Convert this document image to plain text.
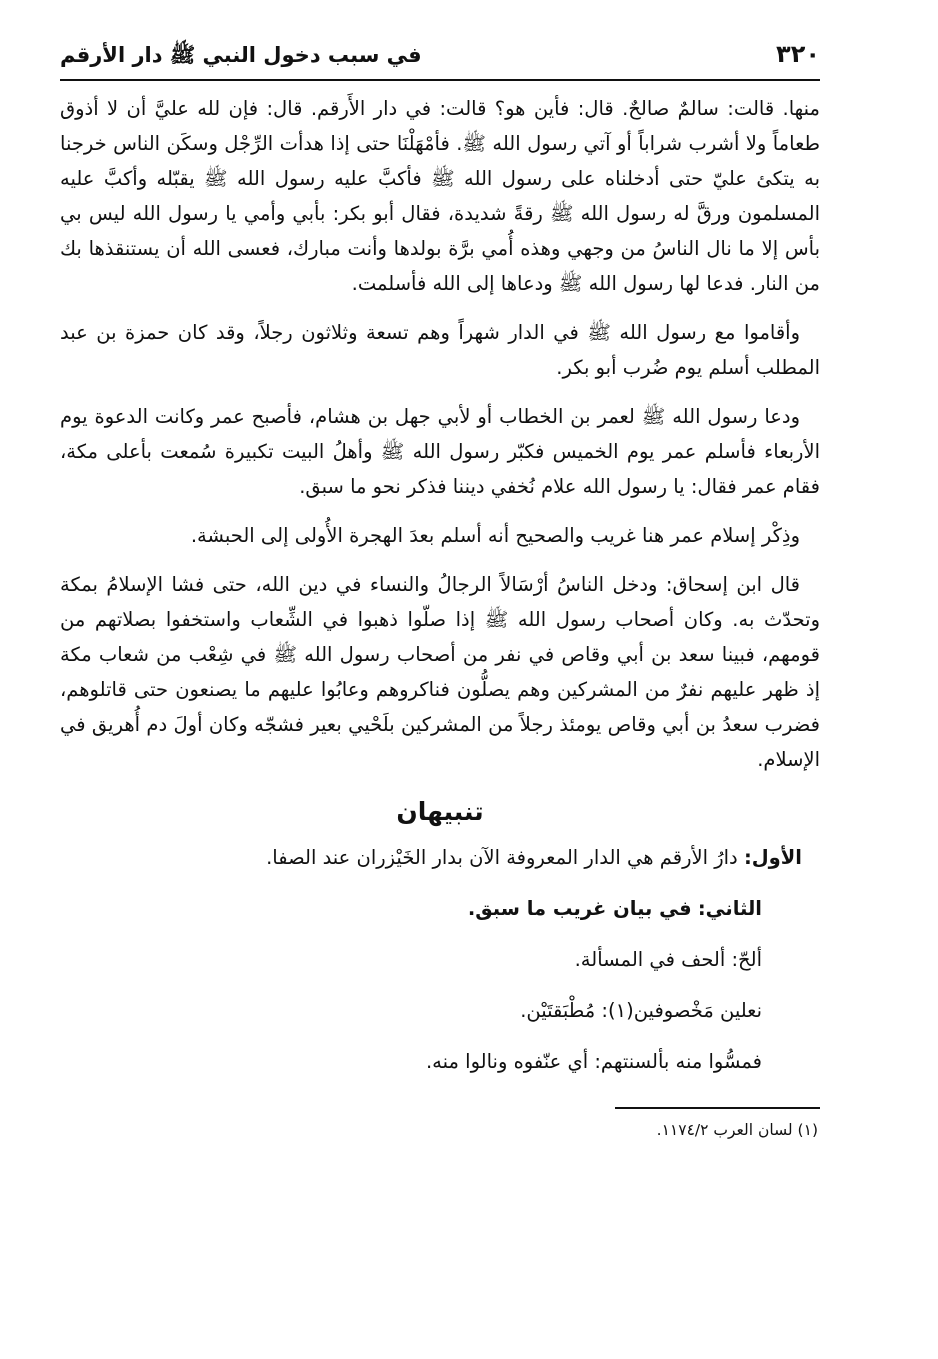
٣٢٠
في سبب دخول النبي ﷺ دار الأرقم

منها. قالت: سالمٌ صالحٌ. قال: فأين هو؟ قالت: في دار الأَرقم. قال: فإن لله عليَّ أن لا أذوق طعاماً ولا أشرب شراباً أو آتي رسول الله ﷺ. فأمْهَلْنَا حتى إذا هدأت الرِّجْل وسكَن الناس خرجنا به يتكئ عليّ حتى أدخلناه على رسول الله ﷺ فأكبَّ عليه رسول الله ﷺ يقبّله وأكبَّ عليه المسلمون ورقَّ له رسول الله ﷺ رقةً شديدة، فقال أبو بكر: بأبي وأمي يا رسول الله ليس بي بأس إلا ما نال الناسُ من وجهي وهذه أُمي برَّة بولدها وأنت مبارك، فعسى الله أن يستنقذها بك من النار. فدعا لها رسول الله ﷺ ودعاها إلى الله فأسلمت.

وأقاموا مع رسول الله ﷺ في الدار شهراً وهم تسعة وثلاثون رجلاً، وقد كان حمزة بن عبد المطلب أسلم يوم ضُرب أبو بكر.

ودعا رسول الله ﷺ لعمر بن الخطاب أو لأبي جهل بن هشام، فأصبح عمر وكانت الدعوة يوم الأربعاء فأسلم عمر يوم الخميس فكبّر رسول الله ﷺ وأهلُ البيت تكبيرة سُمعت بأعلى مكة، فقام عمر فقال: يا رسول الله علام نُخفي ديننا فذكر نحو ما سبق.

وذِكْر إسلام عمر هنا غريب والصحيح أنه أسلم بعدَ الهجرة الأُولى إلى الحبشة.

قال ابن إسحاق: ودخل الناسُ أرْسَالاً الرجالُ والنساء في دين الله، حتى فشا الإسلامُ بمكة وتحدّث به. وكان أصحاب رسول الله ﷺ إذا صلّوا ذهبوا في الشِّعاب واستخفوا بصلاتهم من قومهم، فبينا سعد بن أبي وقاص في نفر من أصحاب رسول الله ﷺ في شِعْب من شعاب مكة إذ ظهر عليهم نفرٌ من المشركين وهم يصلُّون فناكروهم وعابُوا عليهم ما يصنعون حتى قاتلوهم، فضرب سعدُ بن أبي وقاص يومئذ رجلاً من المشركين بلَحْيي بعير فشجّه وكان أولَ دم أُهريق في الإسلام.

تنبيهان

الأول: دارُ الأرقم هي الدار المعروفة الآن بدار الخَيْزران عند الصفا.

الثاني: في بيان غريب ما سبق.

ألحّ: ألحف في المسألة.

نعلين مَخْصوفين(١): مُطْبَقتَيْن.

فمسُّوا منه بألسنتهم: أي عنّفوه ونالوا منه.

(١) لسان العرب ١١٧٤/٢.
